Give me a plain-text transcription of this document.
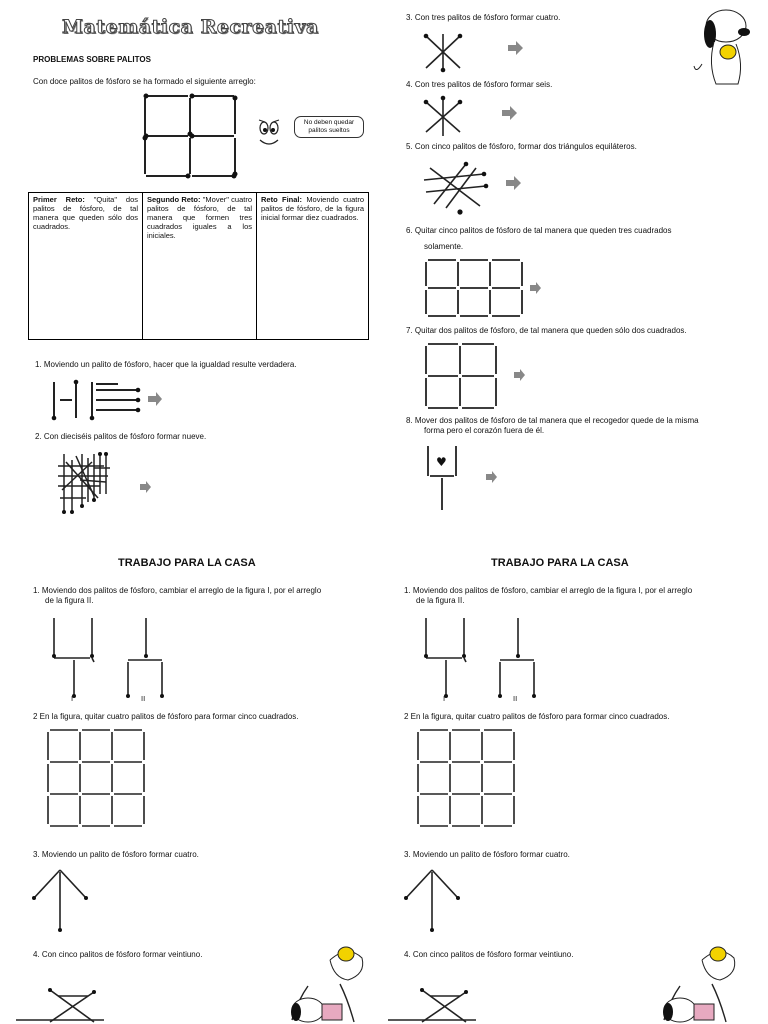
Matemática Recreativa
PROBLEMAS SOBRE PALITOS
Con doce palitos de fósforo se ha formado el siguiente arreglo:
No deben quedar palitos sueltos
Primer Reto: "Quita" dos palitos de fósforo, de tal manera que queden sólo dos cuadrados.	Segundo Reto: "Mover" cuatro palitos de fósforo, de tal manera que formen tres cuadrados iguales a los iniciales.	Reto Final: Moviendo cuatro palitos de fósforo, de la figura inicial formar diez cuadrados.
1. Moviendo un palito de fósforo, hacer que la igualdad resulte verdadera.
2. Con dieciséis palitos de fósforo formar nueve.
3. Con tres palitos de fósforo formar cuatro.
4. Con tres palitos de fósforo formar seis.
5. Con cinco palitos de fósforo, formar dos triángulos equiláteros.
6. Quitar cinco palitos de fósforo de tal manera que queden tres cuadrados
solamente.
7. Quitar dos palitos de fósforo, de tal manera que queden sólo dos cuadrados.
8. Mover dos palitos de fósforo de tal manera que el recogedor quede de la misma
forma pero el corazón fuera de él.
♥
TRABAJO PARA LA CASA
1. Moviendo dos palitos de fósforo, cambiar el arreglo de la figura I, por el arreglo
de la figura II.
I	II
2 En la figura, quitar cuatro palitos de fósforo para formar cinco cuadrados.
3. Moviendo un palito de fósforo formar cuatro.
4. Con cinco palitos de fósforo formar veintiuno.
TRABAJO PARA LA CASA
1. Moviendo dos palitos de fósforo, cambiar el arreglo de la figura I, por el arreglo
de la figura II.
I	II
2 En la figura, quitar cuatro palitos de fósforo para formar cinco cuadrados.
3. Moviendo un palito de fósforo formar cuatro.
4. Con cinco palitos de fósforo formar veintiuno.
